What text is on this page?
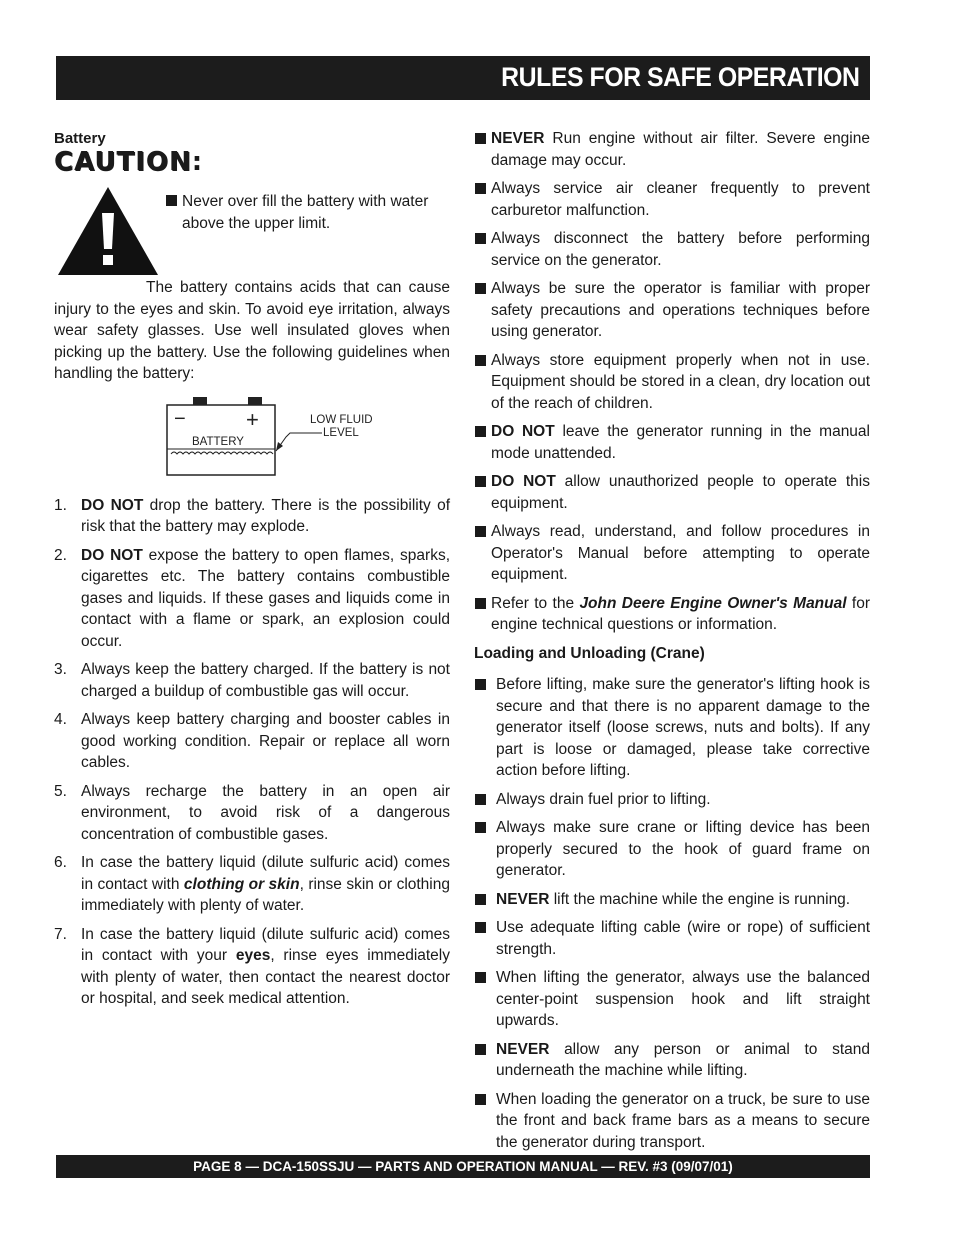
RULES FOR SAFE OPERATION

Battery

CAUTION:
Never over fill the battery with water above the upper limit.

The battery contains acids that can cause injury to the eyes and skin. To avoid eye irritation, always wear safety glasses. Use well insulated gloves when picking up the battery. Use the following guidelines when handling the battery:

−	+
BATTERY
LOW FLUID
LEVEL
1. DO NOT drop the battery. There is the possibility of risk that the battery may explode.
2. DO NOT expose the battery to open flames, sparks, cigarettes etc. The battery contains combustible gases and liquids. If these gases and liquids come in contact with a flame or spark, an explosion could occur.
3. Always keep the battery charged. If the battery is not charged a buildup of combustible gas will occur.
4. Always keep battery charging and booster cables in good working condition. Repair or replace all worn cables.
5. Always recharge the battery in an open air environment, to avoid risk of a dangerous concentration of combustible gases.
6. In case the battery liquid (dilute sulfuric acid) comes in contact with clothing or skin, rinse skin or clothing immediately with plenty of water.
7. In case the battery liquid (dilute sulfuric acid) comes in contact with your eyes, rinse eyes immediately with plenty of water, then contact the nearest doctor or hospital, and seek medical attention.
NEVER Run engine without air filter. Severe engine damage may occur.
Always service air cleaner frequently to prevent carburetor malfunction.
Always disconnect the battery before performing service on the generator.
Always be sure the operator is familiar with proper safety precautions and operations techniques before using generator.
Always store equipment properly when not in use. Equipment should be stored in a clean, dry location out of the reach of children.
DO NOT leave the generator running in the manual mode unattended.
DO NOT allow unauthorized people to operate this equipment.
Always read, understand, and follow procedures in Operator's Manual before attempting to operate equipment.
Refer to the John Deere Engine Owner's Manual for engine technical questions or information.
Loading and Unloading (Crane)
Before lifting, make sure the generator's lifting hook is secure and that there is no apparent damage to the generator itself (loose screws, nuts and bolts). If any part is loose or damaged, please take corrective action before lifting.
Always drain fuel prior to lifting.
Always make sure crane or lifting device has been properly secured to the hook of guard frame on generator.
NEVER lift the machine while the engine is running.
Use adequate lifting cable (wire or rope) of sufficient strength.
When lifting the generator, always use the balanced center-point suspension hook and lift straight upwards.
NEVER allow any person or animal to stand underneath the machine while lifting.
When loading the generator on a truck, be sure to use the front and back frame bars as a means to secure the generator during transport.
PAGE 8 — DCA-150SSJU — PARTS AND OPERATION MANUAL — REV. #3 (09/07/01)
